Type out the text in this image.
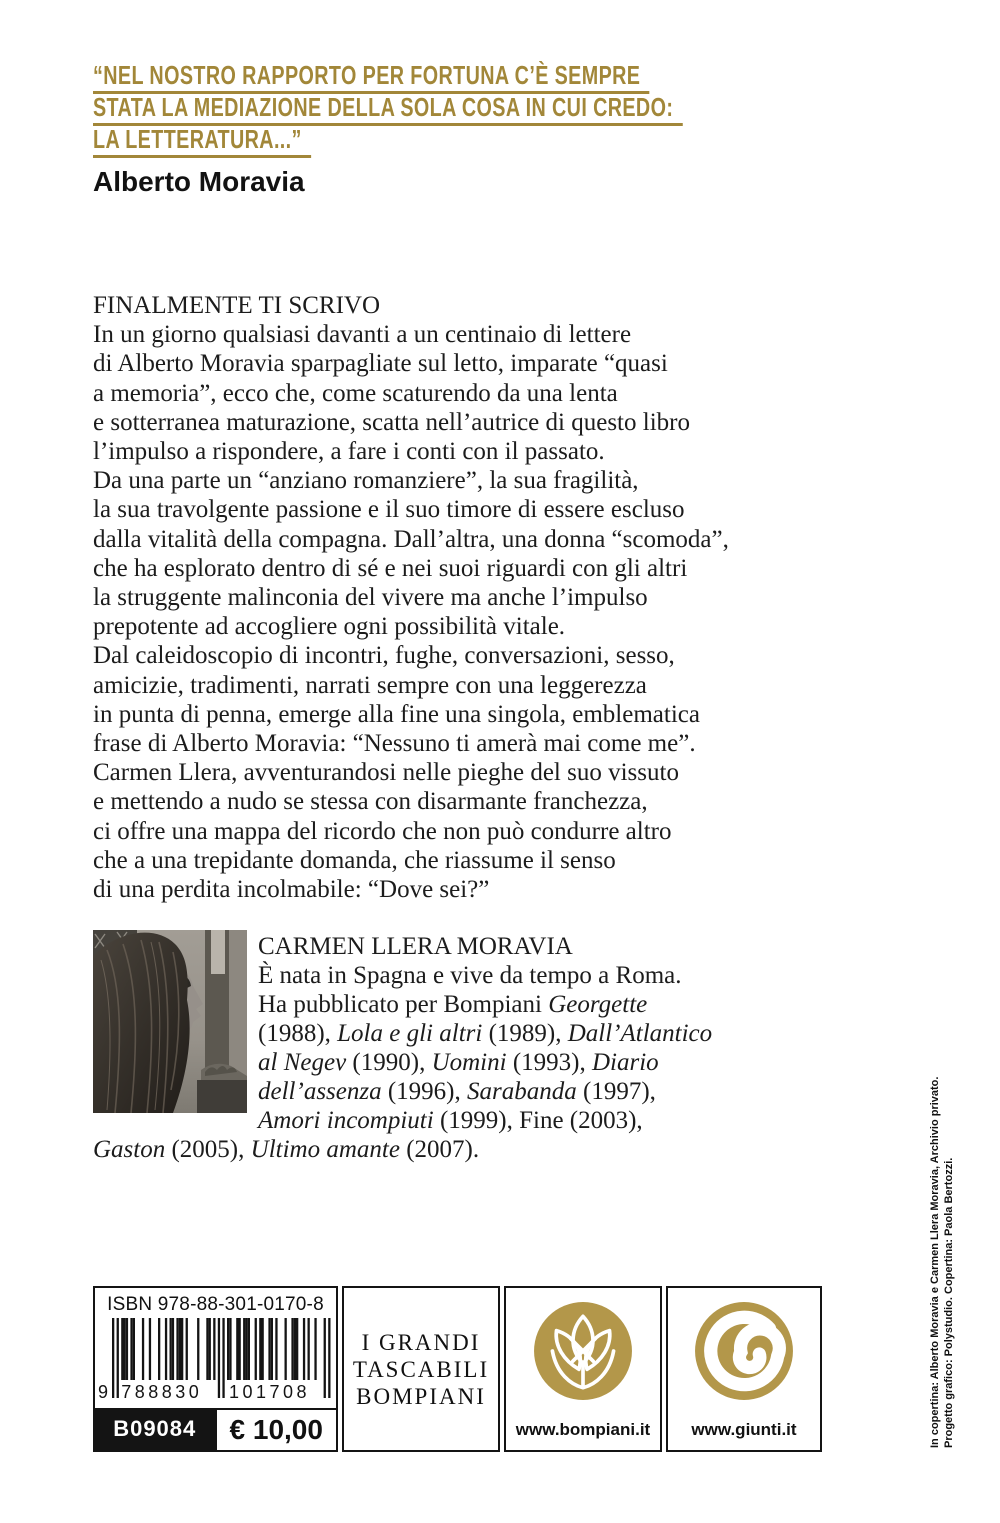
“NEL NOSTRO RAPPORTO PER FORTUNA C’È SEMPRE
STATA LA MEDIAZIONE DELLA SOLA COSA IN CUI CREDO:
LA LETTERATURA...”
Alberto Moravia
FINALMENTE TI SCRIVO
In un giorno qualsiasi davanti a un centinaio di lettere
di Alberto Moravia sparpagliate sul letto, imparate “quasi
a memoria”, ecco che, come scaturendo da una lenta
e sotterranea maturazione, scatta nell’autrice di questo libro
l’impulso a rispondere, a fare i conti con il passato.
Da una parte un “anziano romanziere”, la sua fragilità,
la sua travolgente passione e il suo timore di essere escluso
dalla vitalità della compagna. Dall’altra, una donna “scomoda”,
che ha esplorato dentro di sé e nei suoi riguardi con gli altri
la struggente malinconia del vivere ma anche l’impulso
prepotente ad accogliere ogni possibilità vitale.
Dal caleidoscopio di incontri, fughe, conversazioni, sesso,
amicizie, tradimenti, narrati sempre con una leggerezza
in punta di penna, emerge alla fine una singola, emblematica
frase di Alberto Moravia: “Nessuno ti amerà mai come me”.
Carmen Llera, avventurandosi nelle pieghe del suo vissuto
e mettendo a nudo se stessa con disarmante franchezza,
ci offre una mappa del ricordo che non può condurre altro
che a una trepidante domanda, che riassume il senso
di una perdita incolmabile: “Dove sei?”
CARMEN LLERA MORAVIA
È nata in Spagna e vive da tempo a Roma.
Ha pubblicato per Bompiani Georgette
(1988), Lola e gli altri (1989), Dall’Atlantico
al Negev (1990), Uomini (1993), Diario
dell’assenza (1996), Sarabanda (1997),
Amori incompiuti (1999), Fine (2003),
Gaston (2005), Ultimo amante (2007).
ISBN 978-88-301-0170-8
9 788830 101708
B09084	€ 10,00
I GRANDI
TASCABILI
BOMPIANI
www.bompiani.it www.giunti.it	In copertina: Alberto Moravia e Carmen Llera Moravia, Archivio privato. Progetto grafico: Polystudio. Copertina: Paola Bertozzi.
